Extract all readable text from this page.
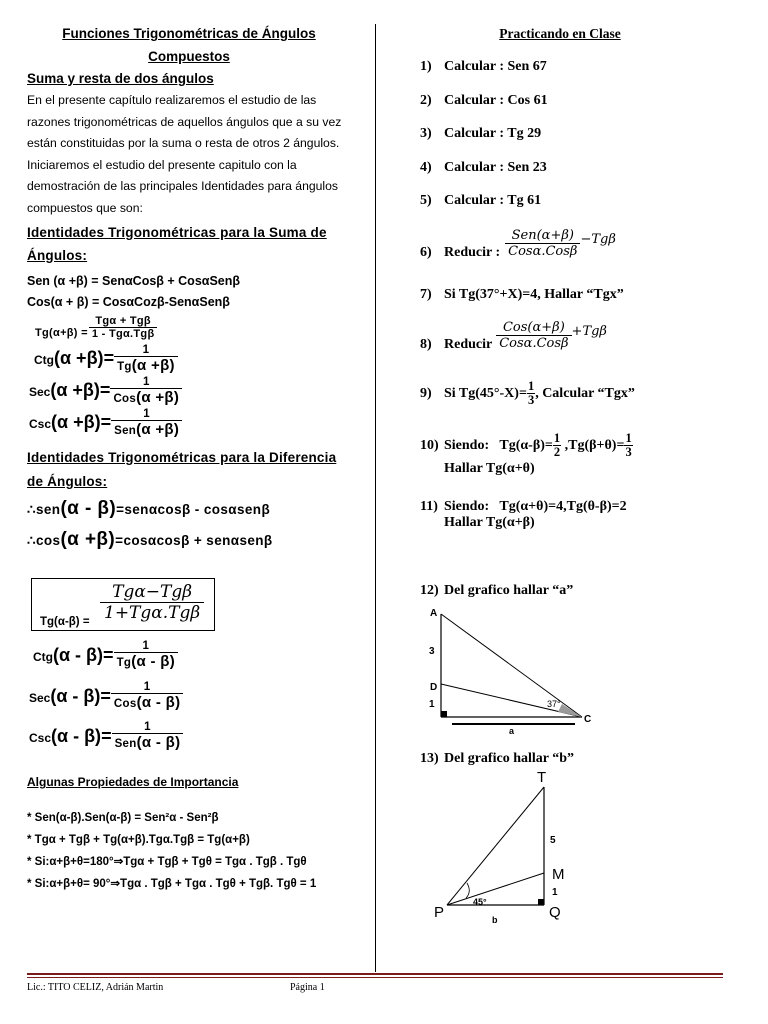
Funciones Trigonométricas de Ángulos
Compuestos
Suma y resta de dos ángulos
En el presente capítulo realizaremos el estudio de las
razones trigonométricas de aquellos ángulos que a su vez
están constituidas por la suma o resta de otros 2 ángulos.
Iniciaremos el estudio del presente capitulo con la
demostración de las principales Identidades para ángulos
compuestos que son:
Identidades Trigonométricas para la Suma de
Ángulos:
Sen (α +β) = SenαCosβ + CosαSenβ
Cos(α + β) = CosαCozβ-SenαSenβ
$Tg(\alpha+\beta) = \frac{\text{Tgα + Tgβ}}{\text{1 - Tgα.Tgβ}}$
$Ctg(\alpha +\beta)= \frac{1}{Tg(\alpha +\beta)}$
$Sec(\alpha +\beta)= \frac{1}{\text{Cos(α +β)}}$
$Csc(\alpha +\beta)= \frac{1}{\text{Sen(α +β)}}$
Identidades Trigonométricas para la Diferencia
de Ángulos:
∴sen(α - β)=senαcosβ - cosαsenβ
∴cos(α +β)=cosαcosβ + senαsenβ
Tg(α-β) =
Tgα−Tgβ
1+Tgα.Tgβ
$Ctg(\alpha - \beta)= \frac{1}{Tg(\alpha - \beta)}$
$Sec(\alpha - \beta)= \frac{1}{\text{Cos(α - β)}}$
$Csc(\alpha - \beta)= \frac{1}{\text{Sen(α - β)}}$
Algunas Propiedades de Importancia
* Sen(α-β).Sen(α-β) = Sen²α - Sen²β
* Tgα + Tgβ + Tg(α+β).Tgα.Tgβ = Tg(α+β)
* Si:α+β+θ=180°⇒Tgα + Tgβ + Tgθ = Tgα . Tgβ . Tgθ
* Si:α+β+θ= 90°⇒Tgα . Tgβ + Tgα . Tgθ + Tgβ. Tgθ = 1
Practicando en Clase
1) Calcular : Sen 67
2) Calcular : Cos 61
3) Calcular : Tg 29
4) Calcular : Sen 23
5) Calcular : Tg 61
6) Reducir : $\frac{\text{Sen(α+β)}}{\text{Cosα.Cosβ}} -Tg\beta$
7) Si Tg(37°+X)=4, Hallar “Tgx”
8) Reducir $\frac{\text{Cos(α+β)}}{\text{Cosα.Cosβ}} +Tg\beta$
9) Si $Tg(45^\circ-X)= \frac{1}{3}$ , Calcular “Tgx”
10) Siendo:   $Tg(\alpha-\beta)= \frac{1}{2} ,Tg(\beta+\theta)= \frac{1}{3}$
Hallar Tg(α+θ)
11) Siendo:   Tg(α+θ)=4,Tg(θ-β)=2
Hallar Tg(α+β)
12) Del grafico hallar “a”
A
D
C
3
1	37°
a
13) Del grafico hallar “b”
T
M
P	Q
5
1
45°
b
Lic.: TITO CELIZ, Adrián Martin	Página 1
